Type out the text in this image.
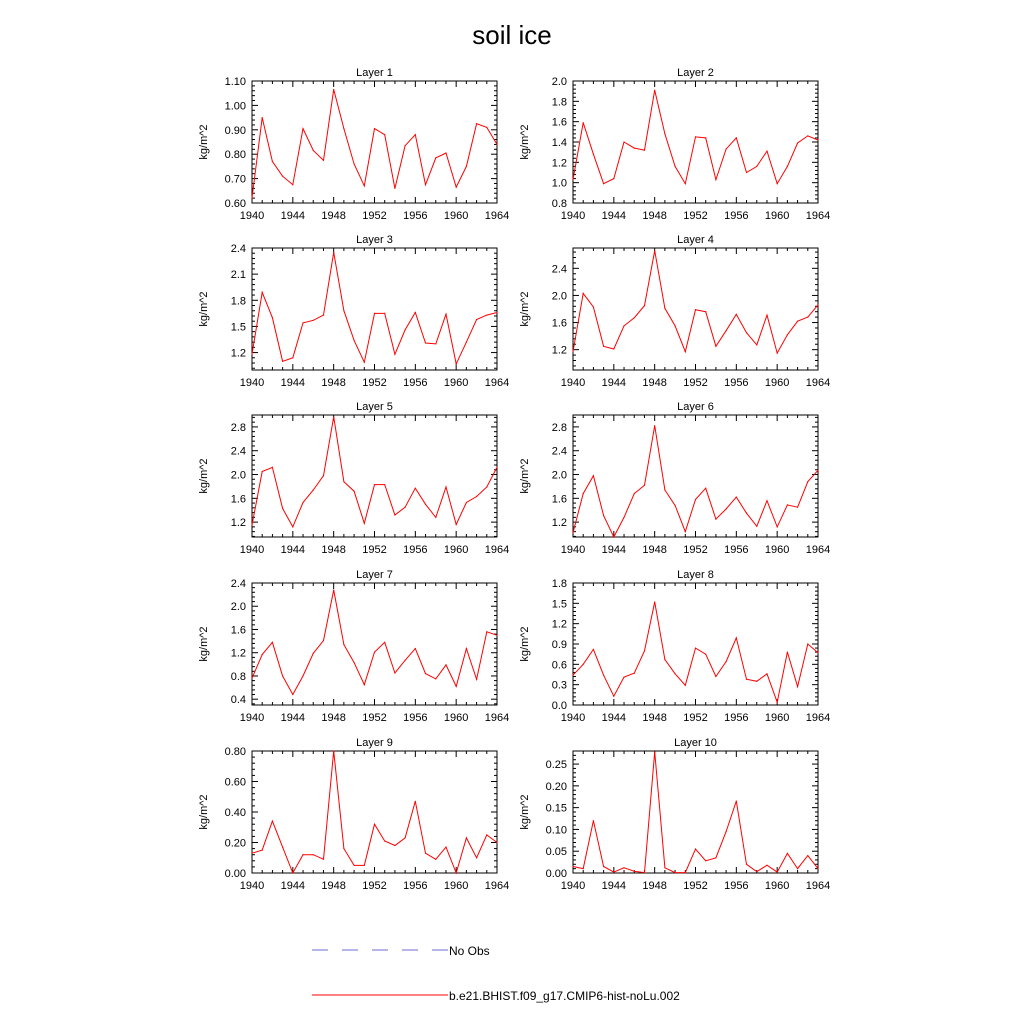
soil ice
Layer 1
kg/m^2
1940 1944 1948 1952 1956 1960 1964
0.60
0.70
0.80
0.90
1.00
1.10
Layer 2
kg/m^2
1940 1944 1948 1952 1956 1960 1964
0.8
1.0
1.2
1.4
1.6
1.8
2.0
Layer 3
kg/m^2
1940 1944 1948 1952 1956 1960 1964
1.2
1.5
1.8
2.1
2.4
Layer 4
kg/m^2
1940 1944 1948 1952 1956 1960 1964
1.2
1.6
2.0
2.4
Layer 5
kg/m^2
1940 1944 1948 1952 1956 1960 1964
1.2
1.6
2.0
2.4
2.8
Layer 6
kg/m^2
1940 1944 1948 1952 1956 1960 1964
1.2
1.6
2.0
2.4
2.8
Layer 7
kg/m^2
1940 1944 1948 1952 1956 1960 1964
0.4
0.8
1.2
1.6
2.0
2.4
Layer 8
kg/m^2
1940 1944 1948 1952 1956 1960 1964
0.0
0.3
0.6
0.9
1.2
1.5
1.8
Layer 9
kg/m^2
1940 1944 1948 1952 1956 1960 1964
0.00
0.20
0.40
0.60
0.80
Layer 10
kg/m^2
1940 1944 1948 1952 1956 1960 1964
0.00
0.05
0.10
0.15
0.20
0.25
No Obs
b.e21.BHIST.f09_g17.CMIP6-hist-noLu.002
